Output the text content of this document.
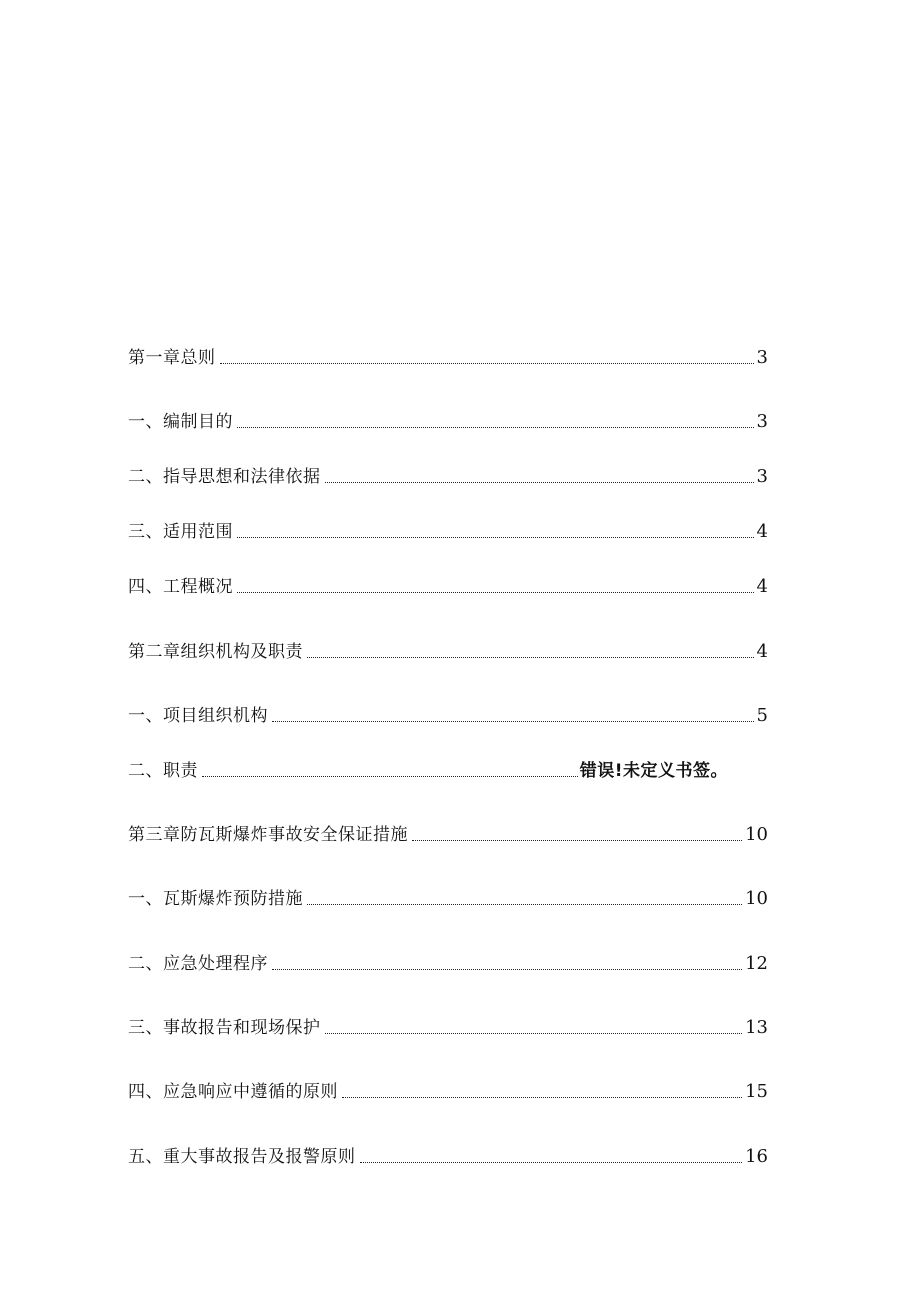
第一章总则	3
一、编制目的	3
二、指导思想和法律依据	3
三、适用范围	4
四、工程概况	4
第二章组织机构及职责	4
一、项目组织机构	5
二、职责	错误!未定义书签。
第三章防瓦斯爆炸事故安全保证措施	10
一、瓦斯爆炸预防措施	10
二、应急处理程序	12
三、事故报告和现场保护	13
四、应急响应中遵循的原则	15
五、重大事故报告及报警原则	16
